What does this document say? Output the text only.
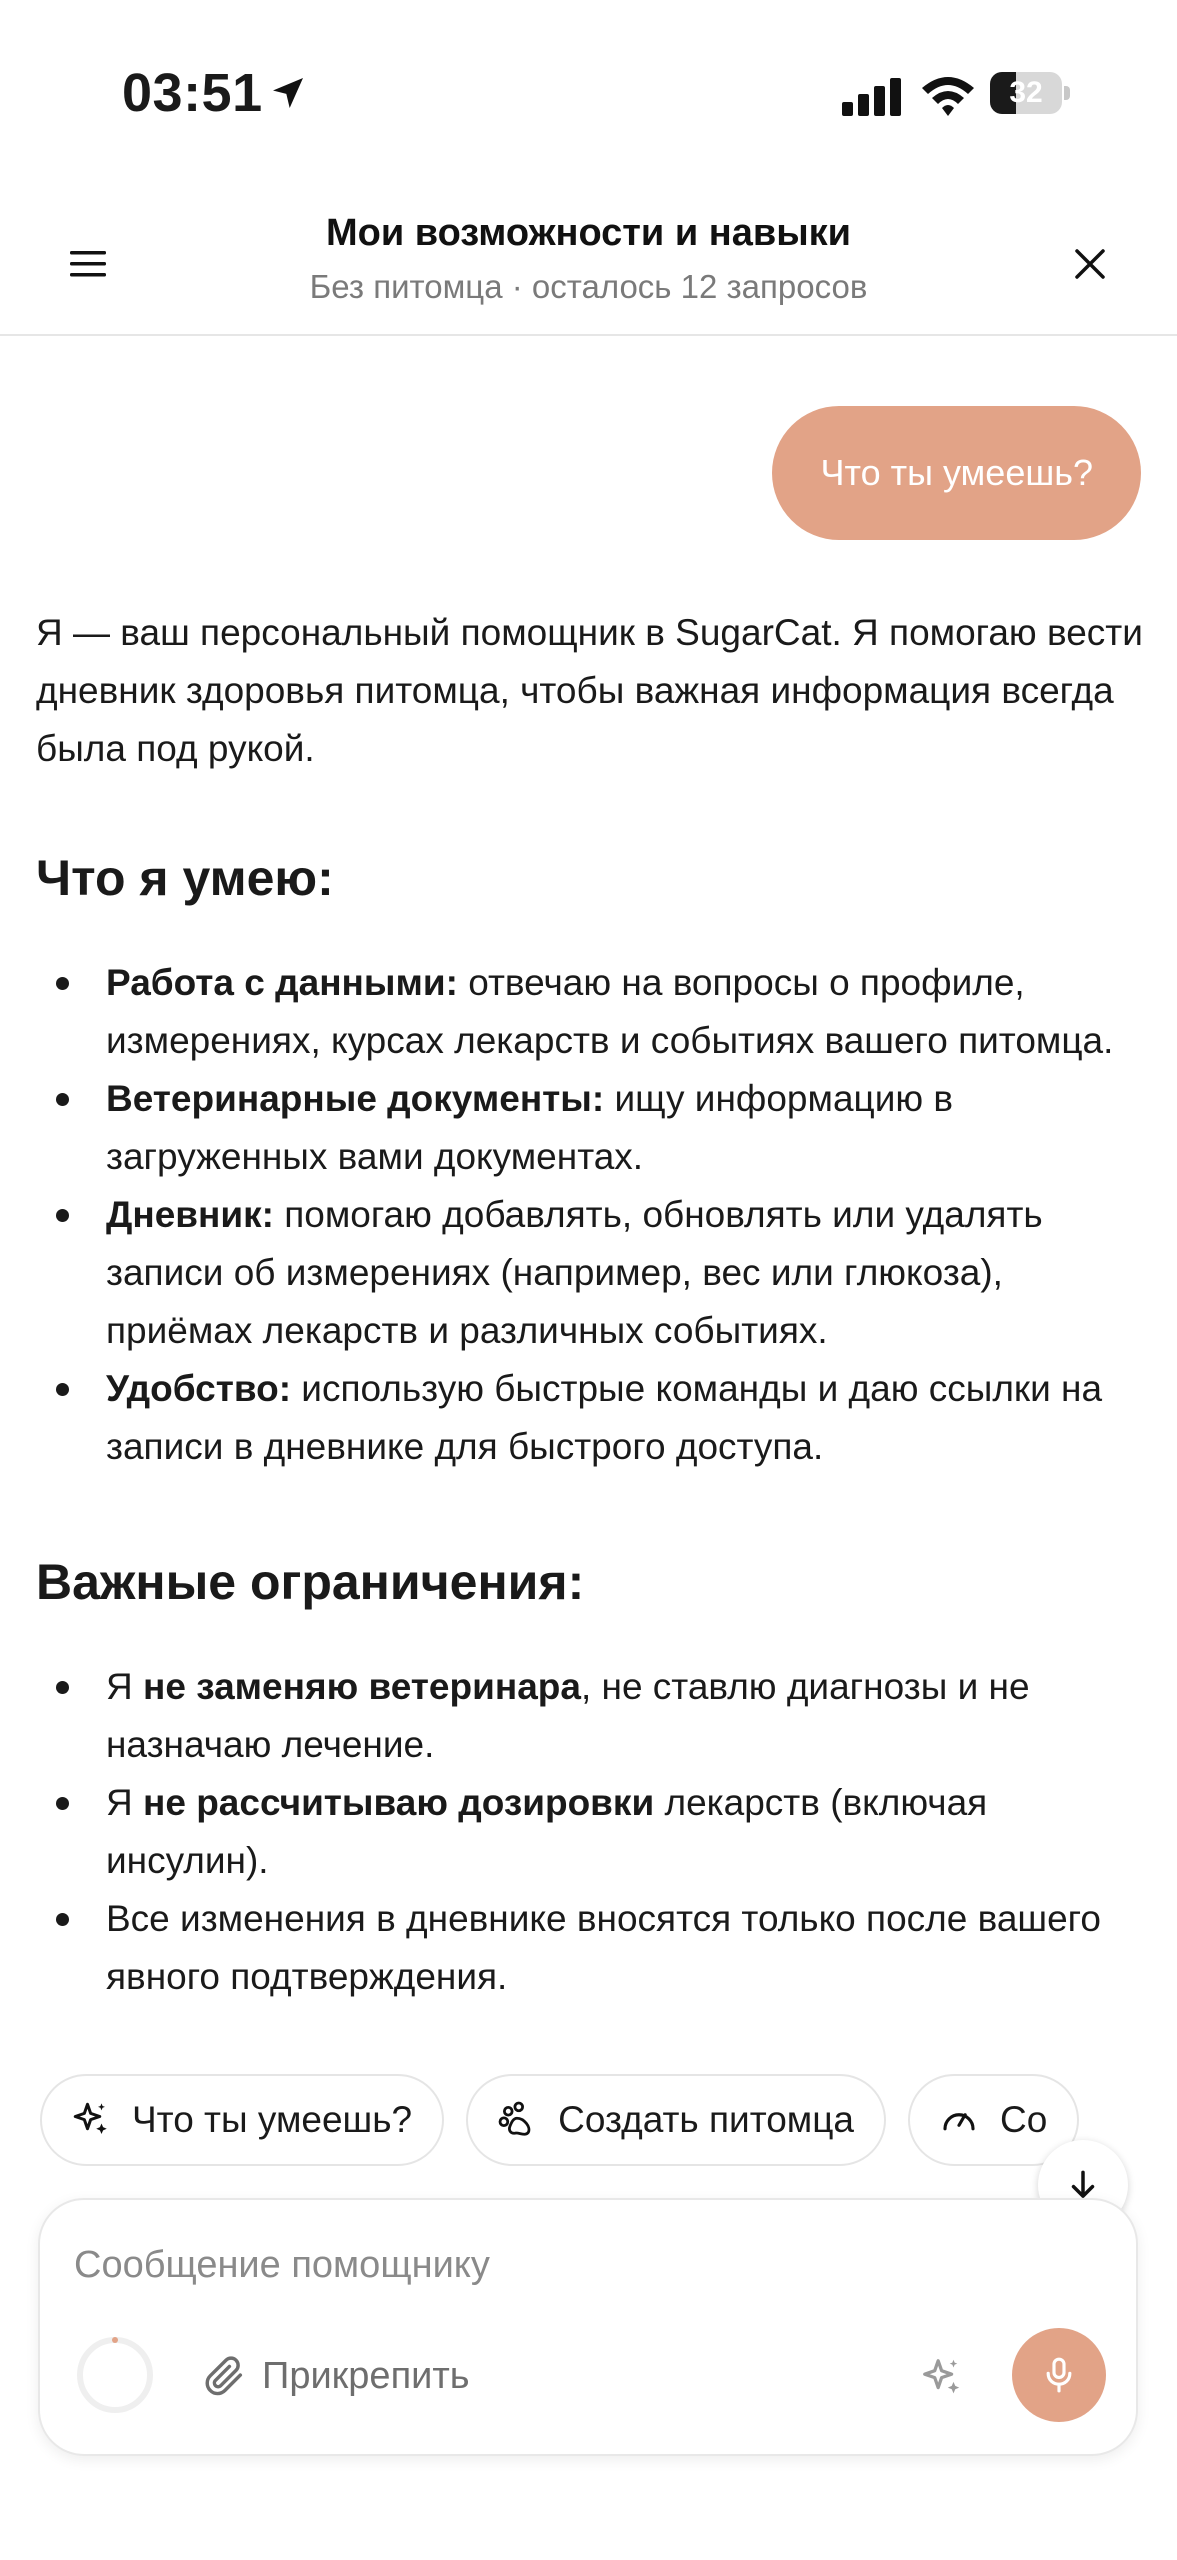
03:51	32
Мои возможности и навыки
Без питомца · осталось 12 запросов
Что ты умеешь?

Я — ваш персональный помощник в SugarCat. Я помогаю вести дневник здоровья питомца, чтобы важная информация всегда была под рукой.

Что я умею:
Работа с данными: отвечаю на вопросы о профиле, измерениях, курсах лекарств и событиях вашего питомца.
Ветеринарные документы: ищу информацию в загруженных вами документах.
Дневник: помогаю добавлять, обновлять или удалять записи об измерениях (например, вес или глюкоза), приёмах лекарств и различных событиях.
Удобство: использую быстрые команды и даю ссылки на записи в дневнике для быстрого доступа.
Важные ограничения:
Я не заменяю ветеринара, не ставлю диагнозы и не назначаю лечение.
Я не рассчитываю дозировки лекарств (включая инсулин).
Все изменения в дневнике вносятся только после вашего явного подтверждения.
Что ты умеешь?	Создать питомца	Со
Сообщение помощнику
Прикрепить
